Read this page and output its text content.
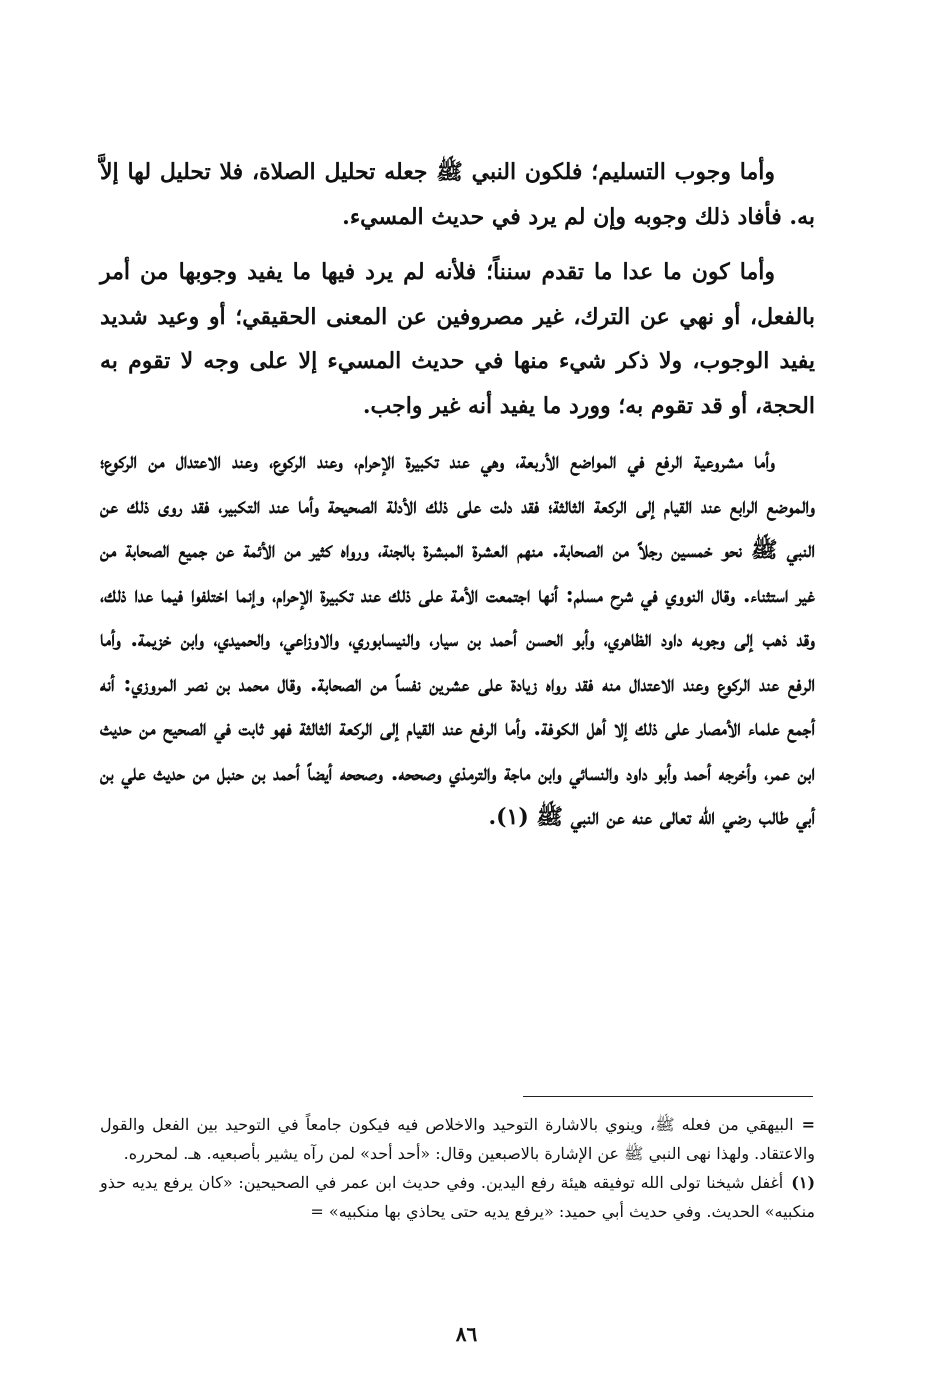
وأما وجوب التسليم؛ فلكون النبي ﷺ جعله تحليل الصلاة، فلا تحليل لها إلاَّ به. فأفاد ذلك وجوبه وإن لم يرد في حديث المسيء.

وأما كون ما عدا ما تقدم سنناً؛ فلأنه لم يرد فيها ما يفيد وجوبها من أمر بالفعل، أو نهي عن الترك، غير مصروفين عن المعنى الحقيقي؛ أو وعيد شديد يفيد الوجوب، ولا ذكر شيء منها في حديث المسيء إلا على وجه لا تقوم به الحجة، أو قد تقوم به؛ وورد ما يفيد أنه غير واجب.

وأما مشروعية الرفع في المواضع الأربعة، وهي عند تكبيرة الإحرام، وعند الركوع، وعند الاعتدال من الركوع؛ والموضع الرابع عند القيام إلى الركعة الثالثة؛ فقد دلت على ذلك الأدلة الصحيحة وأما عند التكبير، فقد روى ذلك عن النبي ﷺ نحو خمسين رجلاً من الصحابة. منهم العشرة المبشرة بالجنة، ورواه كثير من الأئمة عن جميع الصحابة من غير استثناء. وقال النووي في شرح مسلم: أنها اجتمعت الأمة على ذلك عند تكبيرة الإحرام، وإنما اختلفوا فيما عدا ذلك، وقد ذهب إلى وجوبه داود الظاهري، وأبو الحسن أحمد بن سيار، والنيسابوري، والاوزاعي، والحميدي، وابن خزيمة. وأما الرفع عند الركوع وعند الاعتدال منه فقد رواه زيادة على عشرين نفساً من الصحابة. وقال محمد بن نصر المروزي: أنه أجمع علماء الأمصار على ذلك إلا أهل الكوفة. وأما الرفع عند القيام إلى الركعة الثالثة فهو ثابت في الصحيح من حديث ابن عمر، وأخرجه أحمد وأبو داود والنسائي وابن ماجة والترمذي وصححه. وصححه أيضاً أحمد بن حنبل من حديث علي بن أبي طالب رضي الله تعالى عنه عن النبي ﷺ (١).

=البيهقي من فعله ﷺ، وينوي بالاشارة التوحيد والاخلاص فيه فيكون جامعاً في التوحيد بين الفعل والقول والاعتقاد. ولهذا نهى النبي ﷺ عن الإشارة بالاصبعين وقال: «أحد أحد» لمن رآه يشير بأصبعيه. هـ. لمحرره.

(١)أغفل شيخنا تولى الله توفيقه هيئة رفع اليدين. وفي حديث ابن عمر في الصحيحين: «كان يرفع يديه حذو منكبيه» الحديث. وفي حديث أبي حميد: «يرفع يديه حتى يحاذي بها منكبيه» =

٨٦
